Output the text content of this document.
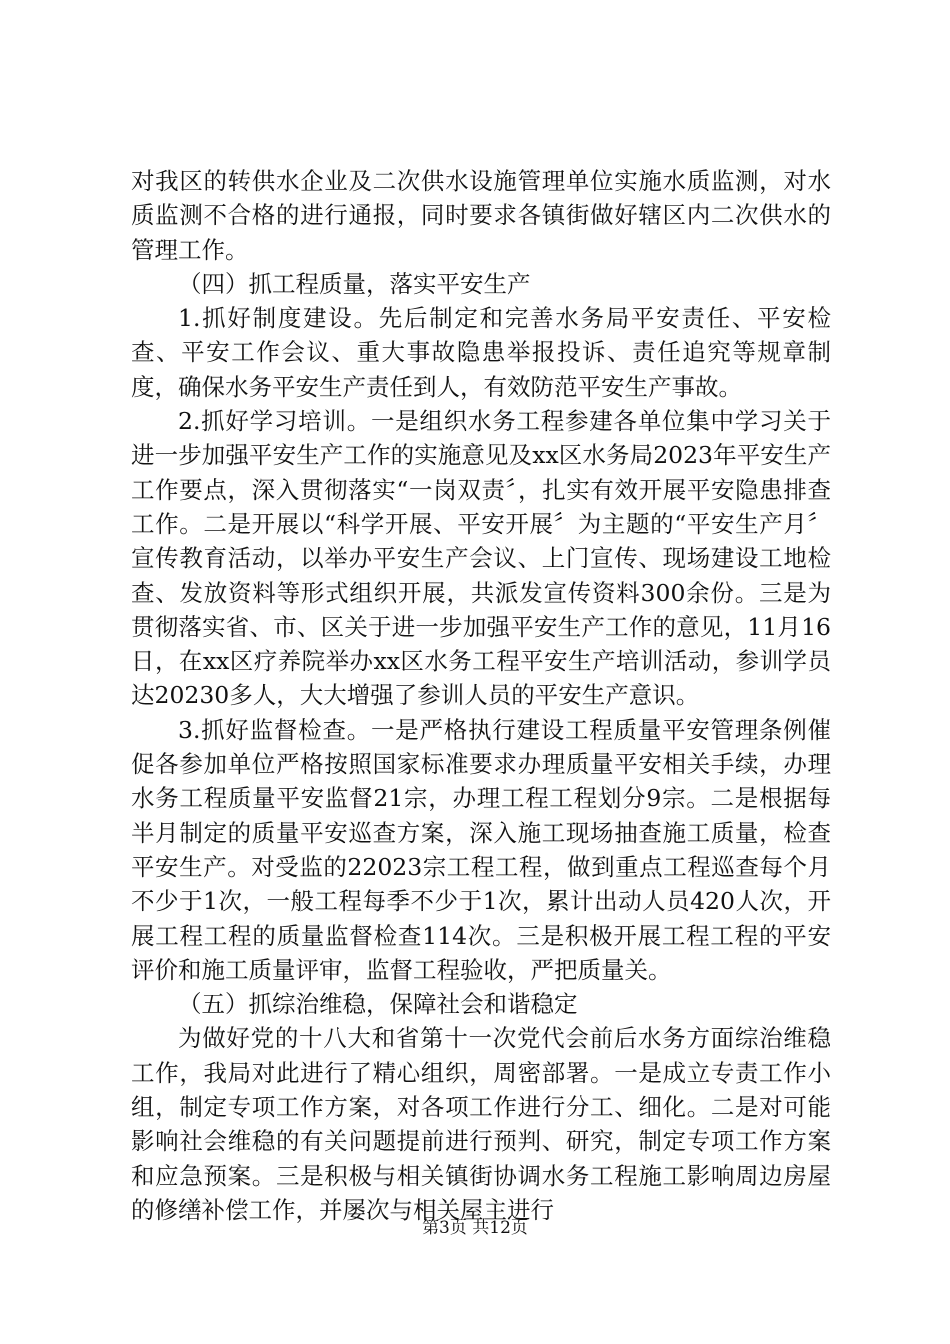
对我区的转供水企业及二次供水设施管理单位实施水质监测，对水质监测不合格的进行通报，同时要求各镇街做好辖区内二次供水的管理工作。

（四）抓工程质量，落实平安生产

1.抓好制度建设。先后制定和完善水务局平安责任、平安检查、平安工作会议、重大事故隐患举报投诉、责任追究等规章制度，确保水务平安生产责任到人，有效防范平安生产事故。

2.抓好学习培训。一是组织水务工程参建各单位集中学习关于进一步加强平安生产工作的实施意见及xx区水务局2023年平安生产工作要点，深入贯彻落实“一岗双责〞，扎实有效开展平安隐患排查工作。二是开展以“科学开展、平安开展〞为主题的“平安生产月〞宣传教育活动，以举办平安生产会议、上门宣传、现场建设工地检查、发放资料等形式组织开展，共派发宣传资料300余份。三是为贯彻落实省、市、区关于进一步加强平安生产工作的意见，11月16日，在xx区疗养院举办xx区水务工程平安生产培训活动，参训学员达20230多人，大大增强了参训人员的平安生产意识。

3.抓好监督检查。一是严格执行建设工程质量平安管理条例催促各参加单位严格按照国家标准要求办理质量平安相关手续，办理水务工程质量平安监督21宗，办理工程工程划分9宗。二是根据每半月制定的质量平安巡查方案，深入施工现场抽查施工质量，检查平安生产。对受监的22023宗工程工程，做到重点工程巡查每个月不少于1次，一般工程每季不少于1次，累计出动人员420人次，开展工程工程的质量监督检查114次。三是积极开展工程工程的平安评价和施工质量评审，监督工程验收，严把质量关。

（五）抓综治维稳，保障社会和谐稳定

为做好党的十八大和省第十一次党代会前后水务方面综治维稳工作，我局对此进行了精心组织，周密部署。一是成立专责工作小组，制定专项工作方案，对各项工作进行分工、细化。二是对可能影响社会维稳的有关问题提前进行预判、研究，制定专项工作方案和应急预案。三是积极与相关镇街协调水务工程施工影响周边房屋的修缮补偿工作，并屡次与相关屋主进行

第3页 共12页
